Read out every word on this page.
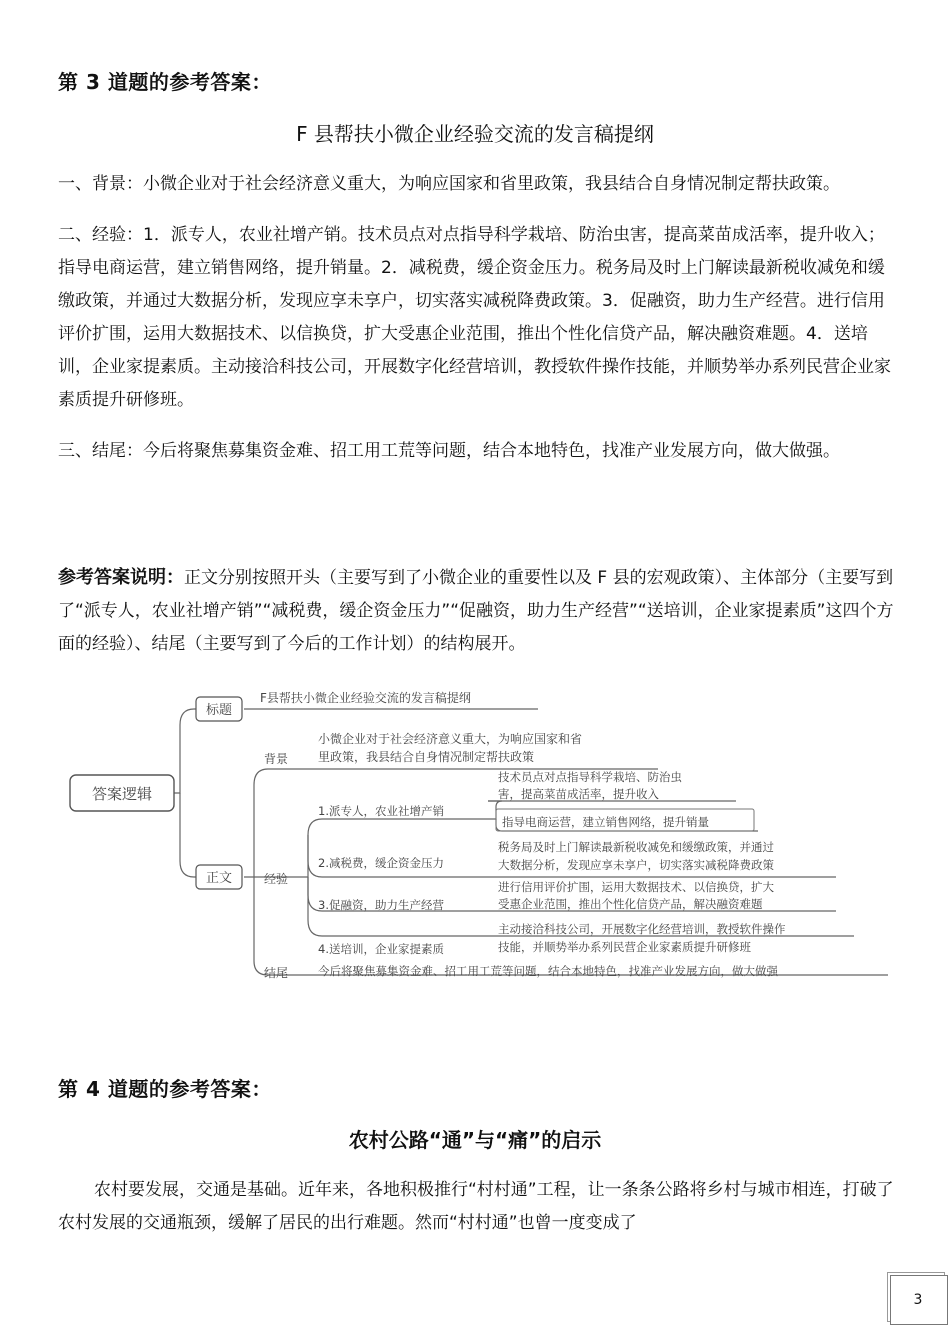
第 3 道题的参考答案：
F 县帮扶小微企业经验交流的发言稿提纲

一、背景：小微企业对于社会经济意义重大，为响应国家和省里政策，我县结合自身情况制定帮扶政策。

二、经验：1．派专人，农业社增产销。技术员点对点指导科学栽培、防治虫害，提高菜苗成活率，提升收入；指导电商运营，建立销售网络，提升销量。2．减税费，缓企资金压力。税务局及时上门解读最新税收减免和缓缴政策，并通过大数据分析，发现应享未享户，切实落实减税降费政策。3．促融资，助力生产经营。进行信用评价扩围，运用大数据技术、以信换贷，扩大受惠企业范围，推出个性化信贷产品，解决融资难题。4．送培训，企业家提素质。主动接洽科技公司，开展数字化经营培训，教授软件操作技能，并顺势举办系列民营企业家素质提升研修班。

三、结尾：今后将聚焦募集资金难、招工用工荒等问题，结合本地特色，找准产业发展方向，做大做强。

参考答案说明：正文分别按照开头（主要写到了小微企业的重要性以及 F 县的宏观政策）、主体部分（主要写到了“派专人，农业社增产销”“减税费，缓企资金压力”“促融资，助力生产经营”“送培训，企业家提素质”这四个方面的经验）、结尾（主要写到了今后的工作计划）的结构展开。
答案逻辑
标题
F县帮扶小微企业经验交流的发言稿提纲
正文
背景
小微企业对于社会经济意义重大，为响应国家和省
里政策，我县结合自身情况制定帮扶政策
经验
1.派专人，农业社增产销
技术员点对点指导科学栽培、防治虫
害，提高菜苗成活率，提升收入
指导电商运营，建立销售网络，提升销量
2.减税费，缓企资金压力
税务局及时上门解读最新税收减免和缓缴政策，并通过
大数据分析，发现应享未享户，切实落实减税降费政策
3.促融资，助力生产经营
进行信用评价扩围，运用大数据技术、以信换贷，扩大
受惠企业范围，推出个性化信贷产品，解决融资难题
4.送培训，企业家提素质
主动接洽科技公司，开展数字化经营培训，教授软件操作
技能，并顺势举办系列民营企业家素质提升研修班
结尾	今后将聚焦募集资金难、招工用工荒等问题，结合本地特色，找准产业发展方向，做大做强
第 4 道题的参考答案：
农村公路“通”与“痛”的启示
农村要发展，交通是基础。近年来，各地积极推行“村村通”工程，让一条条公路将乡村与城市相连，打破了农村发展的交通瓶颈，缓解了居民的出行难题。然而“村村通”也曾一度变成了
3
